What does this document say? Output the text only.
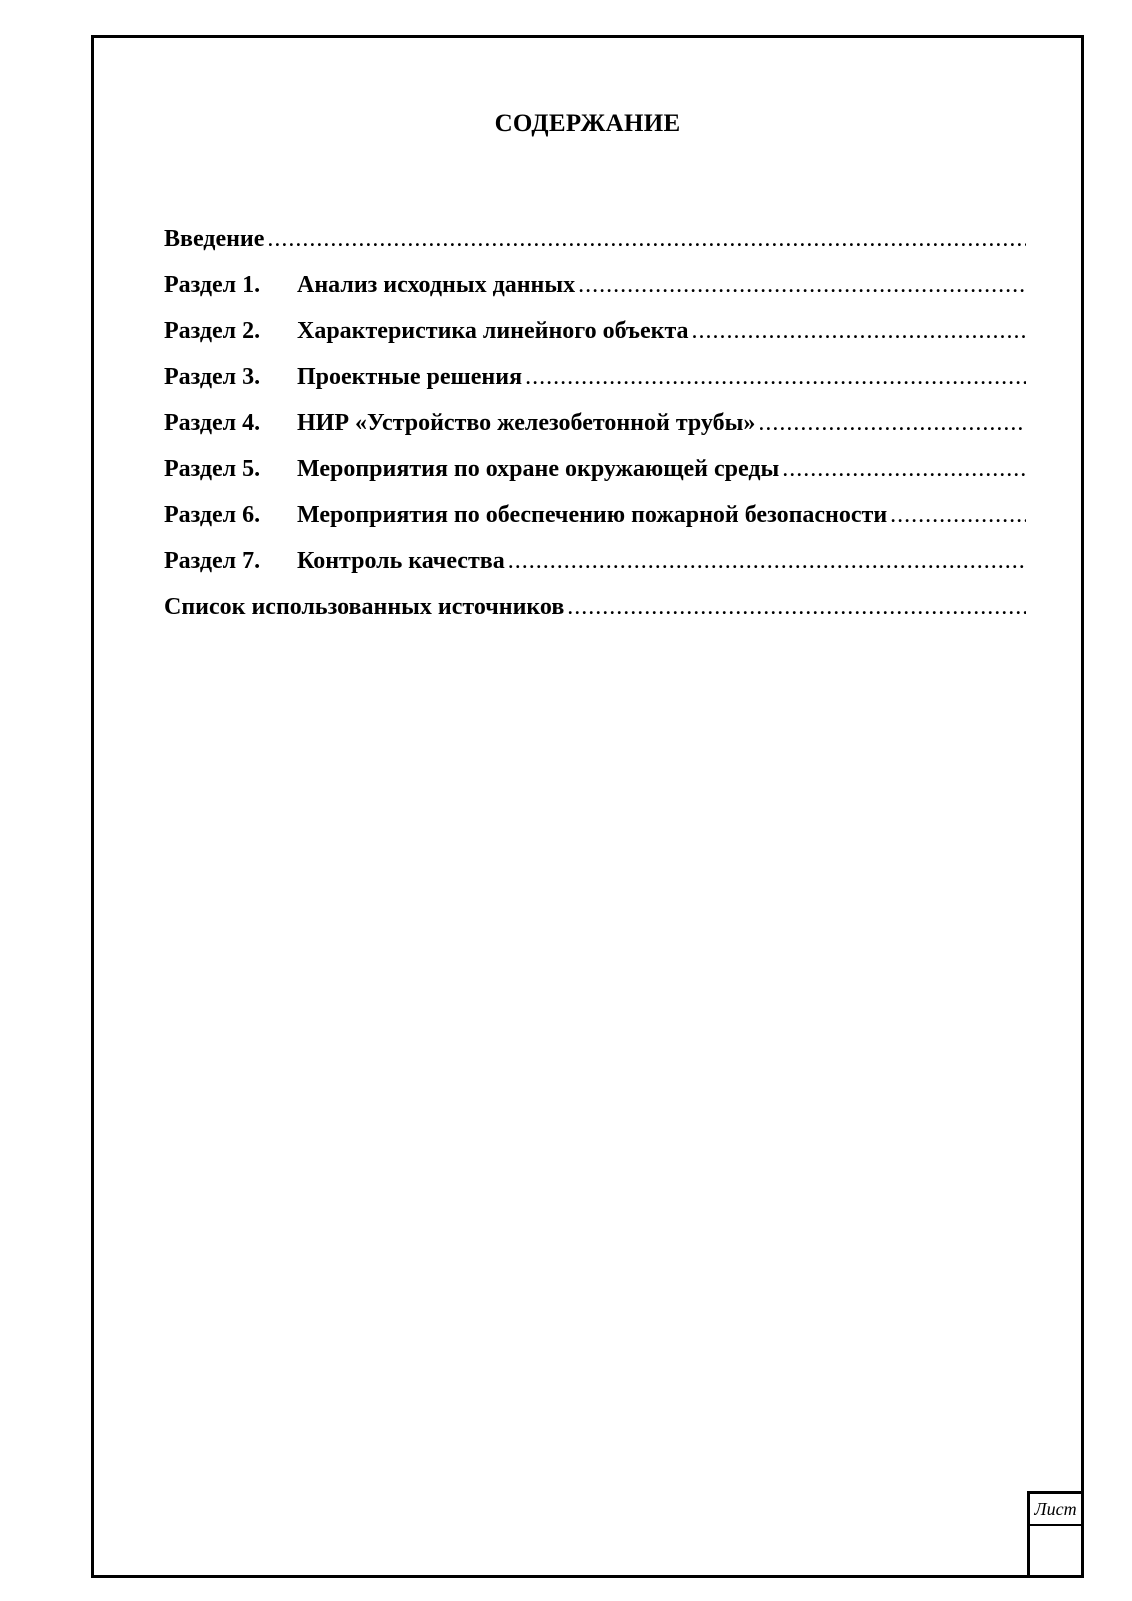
СОДЕРЖАНИЕ
Введение
.....
Раздел 1.	Анализ исходных данных
.....
Раздел 2.	Характеристика линейного объекта
.....
Раздел 3.	Проектные решения
.....
Раздел 4.	НИР «Устройство железобетонной трубы»
.....
Раздел 5.	Мероприятия по охране окружающей среды
.....
Раздел 6.	Мероприятия по обеспечению пожарной безопасности
.....
Раздел 7.	Контроль качества
.....
Список использованных источников
.....
Лист
